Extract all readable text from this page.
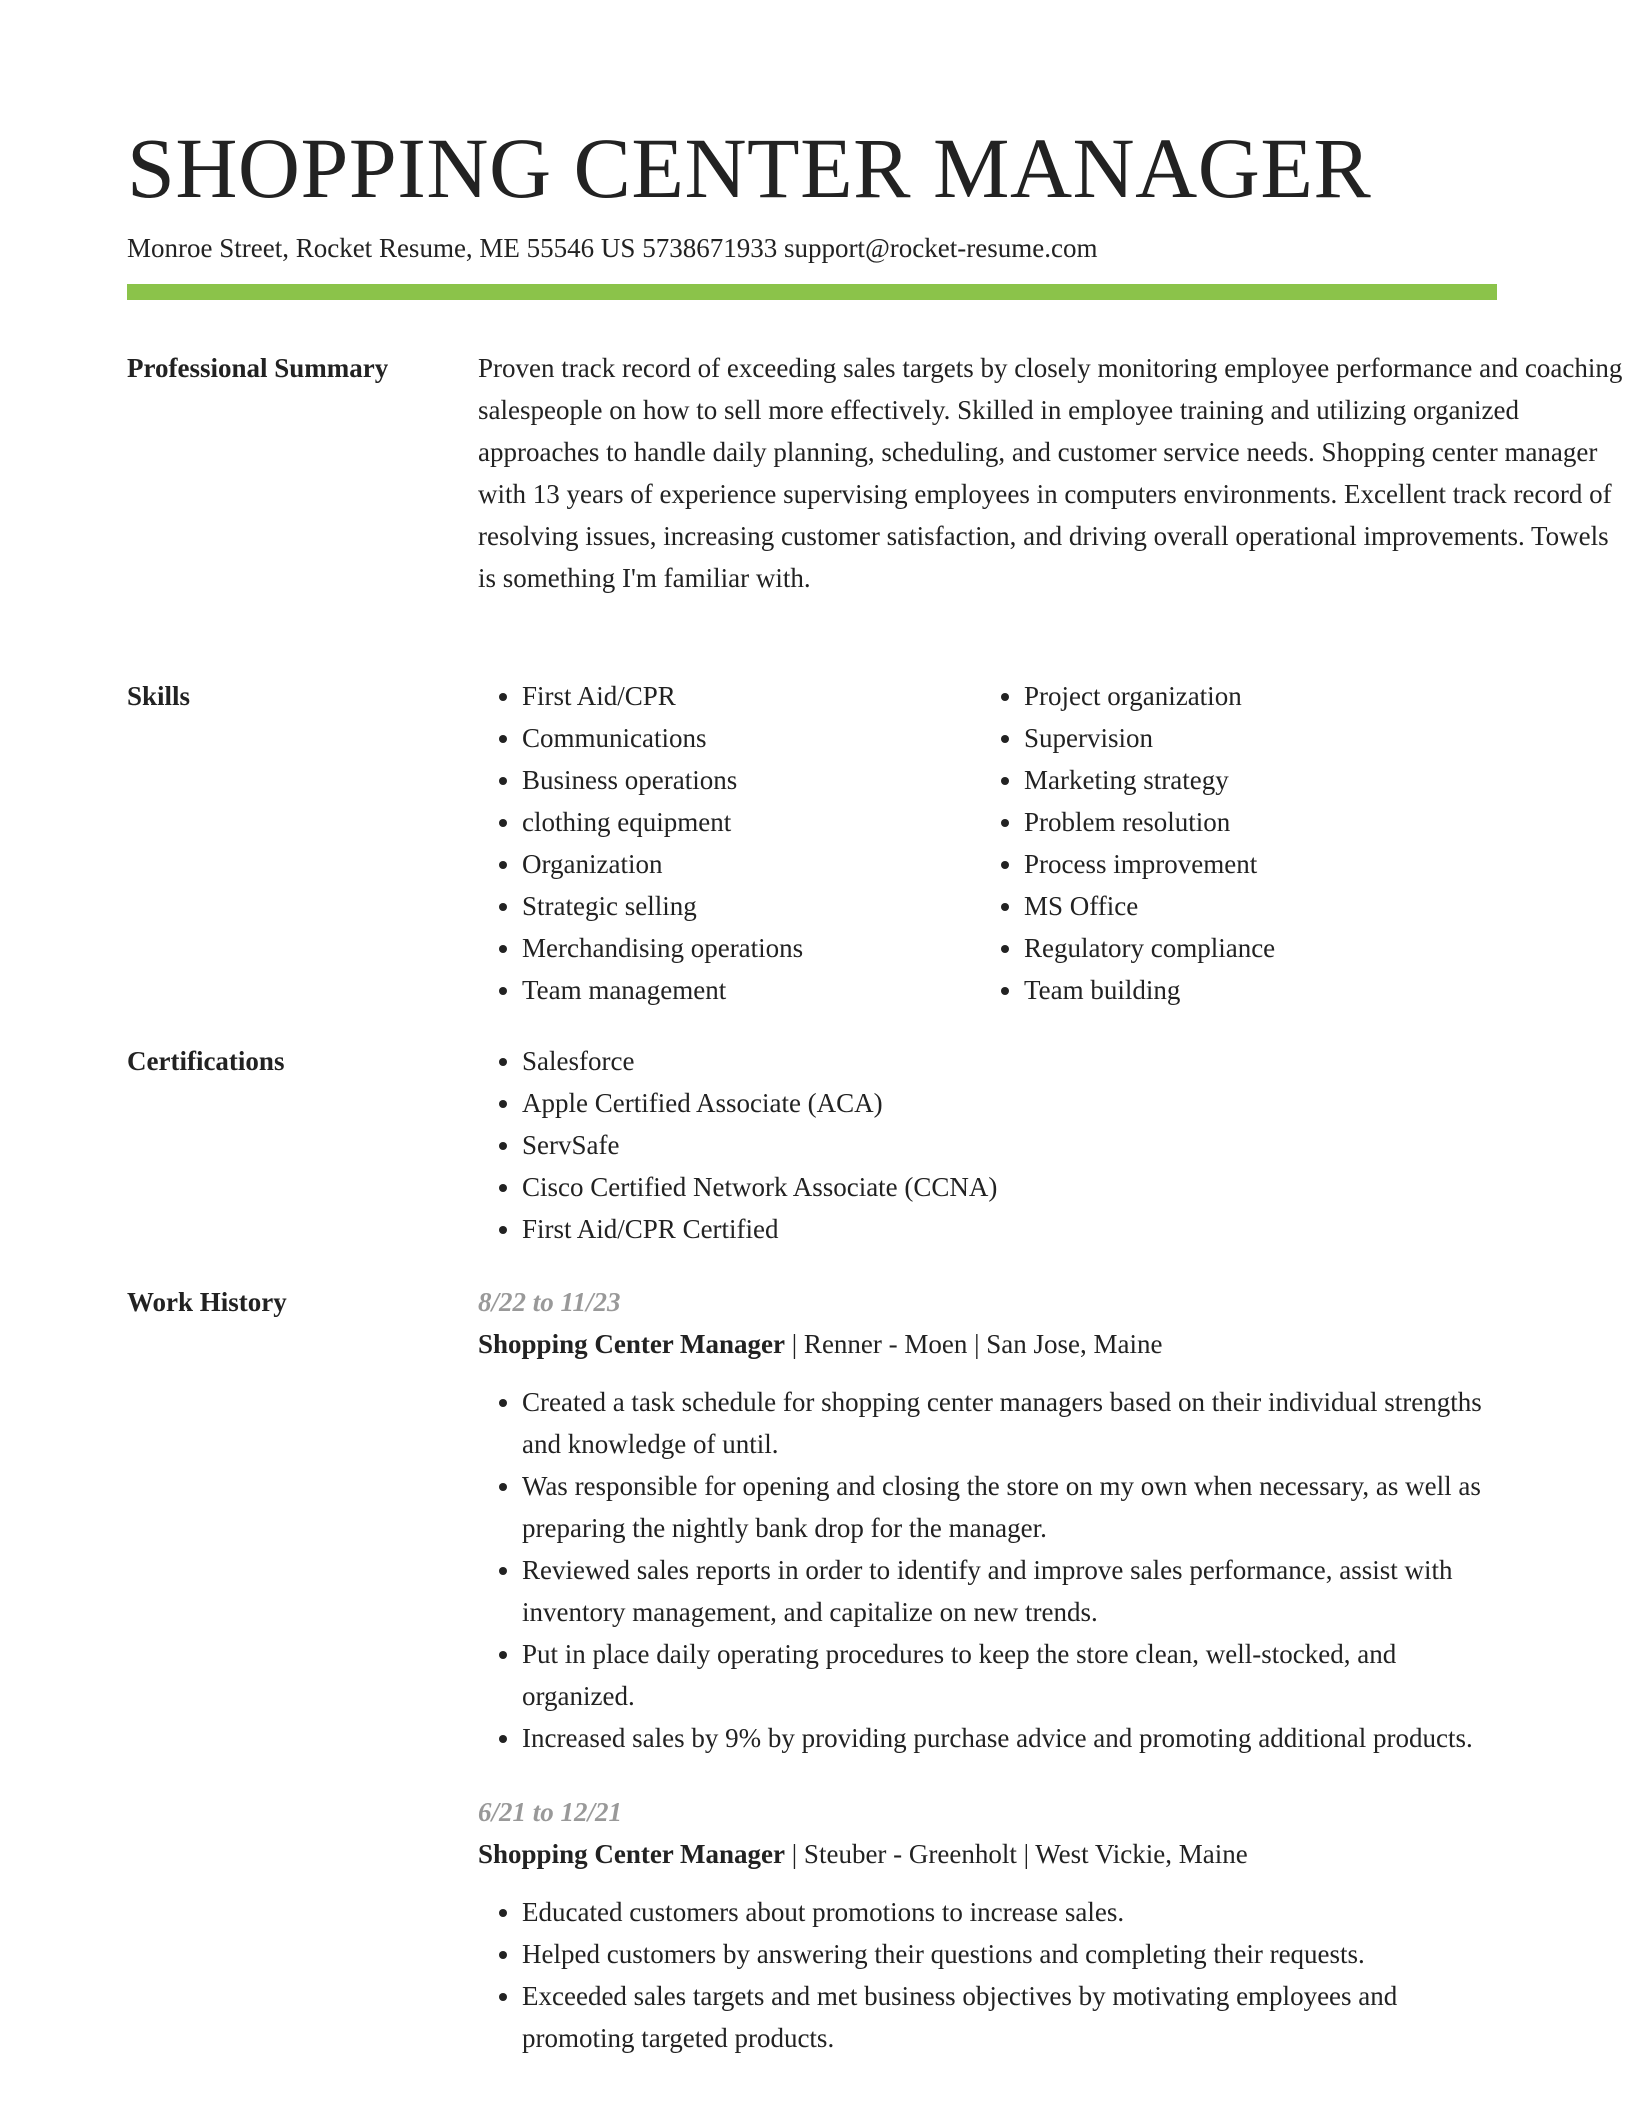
SHOPPING CENTER MANAGER
Monroe Street, Rocket Resume, ME 55546 US 5738671933 support@rocket-resume.com
Professional Summary	Proven track record of exceeding sales targets by closely monitoring employee performance and coaching salespeople on how to sell more effectively. Skilled in employee training and utilizing organized approaches to handle daily planning, scheduling, and customer service needs. Shopping center manager with 13 years of experience supervising employees in computers environments. Excellent track record of resolving issues, increasing customer satisfaction, and driving overall operational improvements. Towels is something I'm familiar with.

Skills	• First Aid/CPR
• Communications
• Business operations
• clothing equipment
• Organization
• Strategic selling
• Merchandising operations
• Team management
• Project organization
• Supervision
• Marketing strategy
• Problem resolution
• Process improvement
• MS Office
• Regulatory compliance
• Team building
Certifications	• Salesforce
• Apple Certified Associate (ACA)
• ServSafe
• Cisco Certified Network Associate (CCNA)
• First Aid/CPR Certified
Work History	8/22 to 11/23
Shopping Center Manager | Renner - Moen | San Jose, Maine
• Created a task schedule for shopping center managers based on their individual strengths and knowledge of until.
• Was responsible for opening and closing the store on my own when necessary, as well as preparing the nightly bank drop for the manager.
• Reviewed sales reports in order to identify and improve sales performance, assist with inventory management, and capitalize on new trends.
• Put in place daily operating procedures to keep the store clean, well-stocked, and organized.
• Increased sales by 9% by providing purchase advice and promoting additional products.
6/21 to 12/21
Shopping Center Manager | Steuber - Greenholt | West Vickie, Maine
• Educated customers about promotions to increase sales.
• Helped customers by answering their questions and completing their requests.
• Exceeded sales targets and met business objectives by motivating employees and promoting targeted products.
